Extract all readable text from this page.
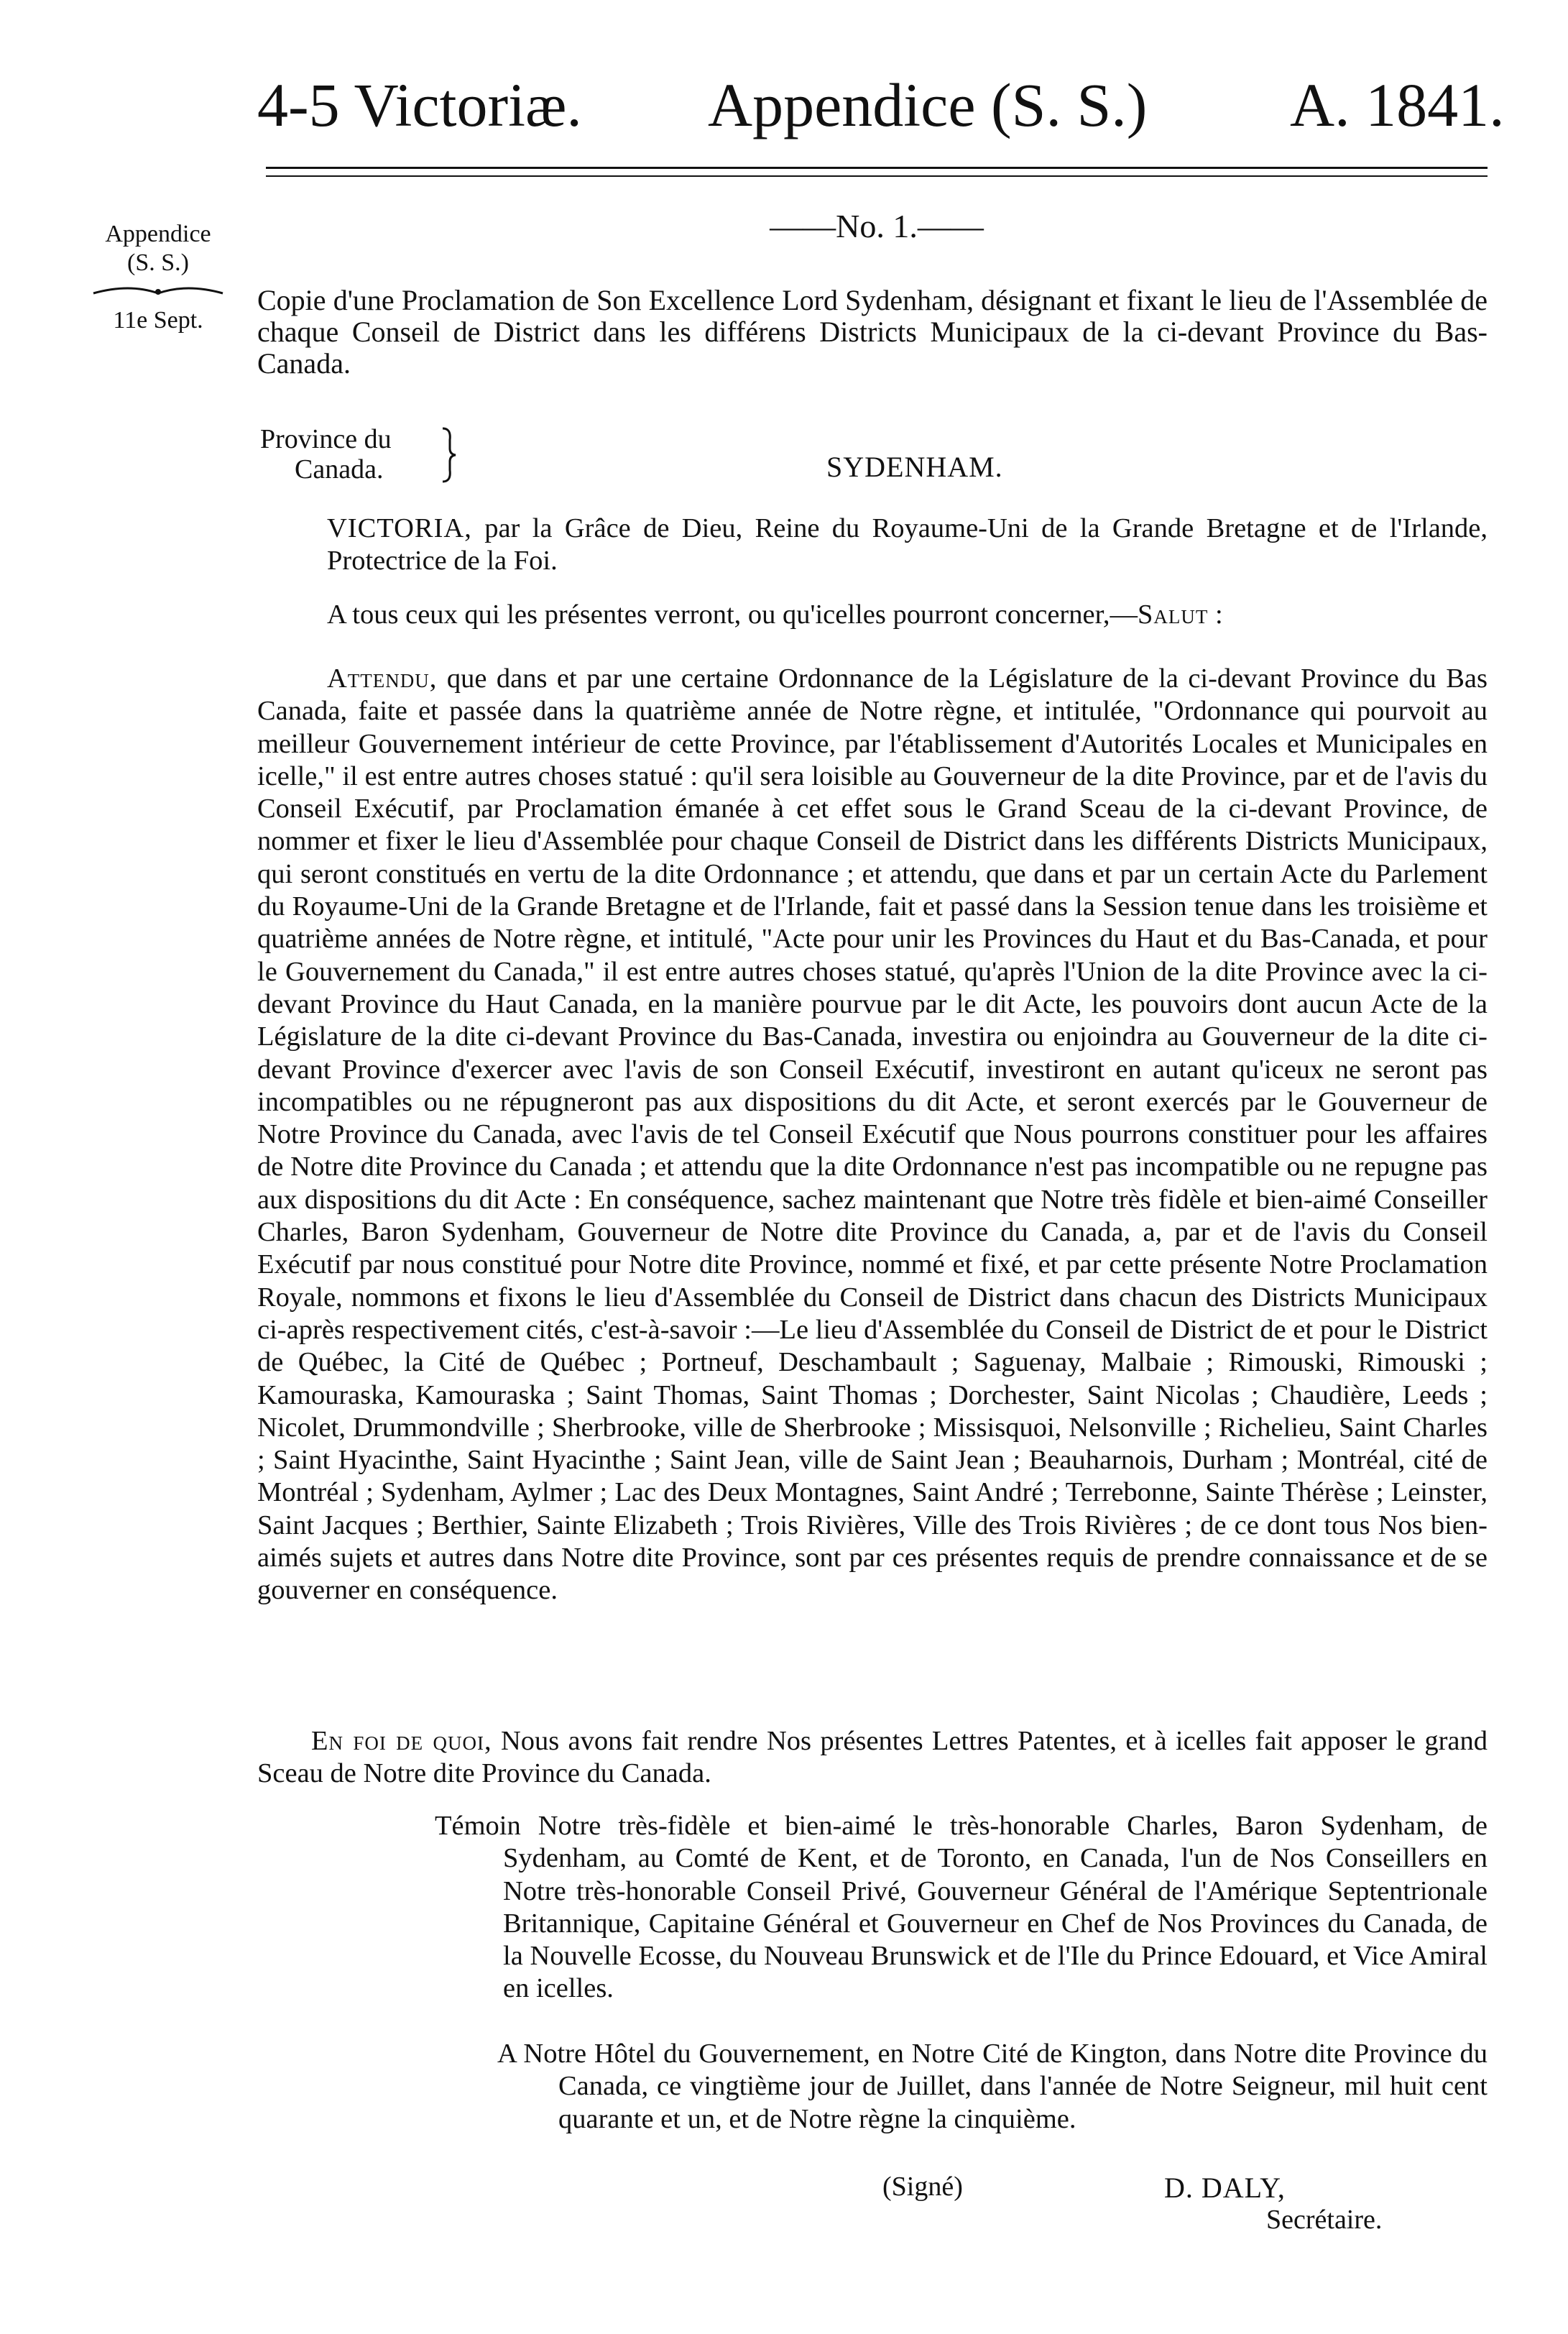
4-5 Victoriæ. Appendice (S. S.) A. 1841.
——No. 1.——
Appendice
(S. S.)
11e Sept.
Copie d'une Proclamation de Son Excellence Lord Sydenham, désignant et fixant le lieu de l'Assemblée de chaque Conseil de District dans les différens Districts Municipaux de la ci-devant Province du Bas-Canada.
Province du
Canada.	SYDENHAM.
VICTORIA, par la Grâce de Dieu, Reine du Royaume-Uni de la Grande Bretagne et de l'Irlande, Protectrice de la Foi.
A tous ceux qui les présentes verront, ou qu'icelles pourront concerner,—Salut :
Attendu, que dans et par une certaine Ordonnance de la Législature de la ci-devant Province du Bas Canada, faite et passée dans la quatrième année de Notre règne, et intitulée, "Ordonnance qui pourvoit au meilleur Gouvernement intérieur de cette Province, par l'établissement d'Autorités Locales et Municipales en icelle," il est entre autres choses statué : qu'il sera loisible au Gouverneur de la dite Province, par et de l'avis du Conseil Exécutif, par Proclamation émanée à cet effet sous le Grand Sceau de la ci-devant Province, de nommer et fixer le lieu d'Assemblée pour chaque Conseil de District dans les différents Districts Municipaux, qui seront constitués en vertu de la dite Ordonnance ; et attendu, que dans et par un certain Acte du Parlement du Royaume-Uni de la Grande Bretagne et de l'Irlande, fait et passé dans la Session tenue dans les troisième et quatrième années de Notre règne, et intitulé, "Acte pour unir les Provinces du Haut et du Bas-Canada, et pour le Gouvernement du Canada," il est entre autres choses statué, qu'après l'Union de la dite Province avec la ci-devant Province du Haut Canada, en la manière pourvue par le dit Acte, les pouvoirs dont aucun Acte de la Législature de la dite ci-devant Province du Bas-Canada, investira ou enjoindra au Gouverneur de la dite ci-devant Province d'exercer avec l'avis de son Conseil Exécutif, investiront en autant qu'iceux ne seront pas incompatibles ou ne répugneront pas aux dispositions du dit Acte, et seront exercés par le Gouverneur de Notre Province du Canada, avec l'avis de tel Conseil Exécutif que Nous pourrons constituer pour les affaires de Notre dite Province du Canada ; et attendu que la dite Ordonnance n'est pas incompatible ou ne repugne pas aux dispositions du dit Acte : En conséquence, sachez maintenant que Notre très fidèle et bien-aimé Conseiller Charles, Baron Sydenham, Gouverneur de Notre dite Province du Canada, a, par et de l'avis du Conseil Exécutif par nous constitué pour Notre dite Province, nommé et fixé, et par cette présente Notre Proclamation Royale, nommons et fixons le lieu d'Assemblée du Conseil de District dans chacun des Districts Municipaux ci-après respectivement cités, c'est-à-savoir :—Le lieu d'Assemblée du Conseil de District de et pour le District de Québec, la Cité de Québec ; Portneuf, Deschambault ; Saguenay, Malbaie ; Rimouski, Rimouski ; Kamouraska, Kamouraska ; Saint Thomas, Saint Thomas ; Dorchester, Saint Nicolas ; Chaudière, Leeds ; Nicolet, Drummondville ; Sherbrooke, ville de Sherbrooke ; Missisquoi, Nelsonville ; Richelieu, Saint Charles ; Saint Hyacinthe, Saint Hyacinthe ; Saint Jean, ville de Saint Jean ; Beauharnois, Durham ; Montréal, cité de Montréal ; Sydenham, Aylmer ; Lac des Deux Montagnes, Saint André ; Terrebonne, Sainte Thérèse ; Leinster, Saint Jacques ; Berthier, Sainte Elizabeth ; Trois Rivières, Ville des Trois Rivières ; de ce dont tous Nos bien-aimés sujets et autres dans Notre dite Province, sont par ces présentes requis de prendre connaissance et de se gouverner en conséquence.
En foi de quoi, Nous avons fait rendre Nos présentes Lettres Patentes, et à icelles fait apposer le grand Sceau de Notre dite Province du Canada.
Témoin Notre très-fidèle et bien-aimé le très-honorable Charles, Baron Sydenham, de Sydenham, au Comté de Kent, et de Toronto, en Canada, l'un de Nos Conseillers en Notre très-honorable Conseil Privé, Gouverneur Général de l'Amérique Septentrionale Britannique, Capitaine Général et Gouverneur en Chef de Nos Provinces du Canada, de la Nouvelle Ecosse, du Nouveau Brunswick et de l'Ile du Prince Edouard, et Vice Amiral en icelles.
A Notre Hôtel du Gouvernement, en Notre Cité de Kington, dans Notre dite Province du Canada, ce vingtième jour de Juillet, dans l'année de Notre Seigneur, mil huit cent quarante et un, et de Notre règne la cinquième.
(Signé)	D. DALY,
Secrétaire.
